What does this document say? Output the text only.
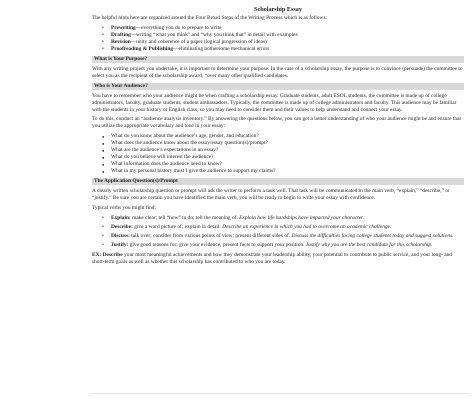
Scholarship Essay

The helpful hints here are organized around the Four Broad Steps of the Writing Process which is as follows:

• Prewriting—everything you do to prepare to write
• Drafting—writing “what you think” and “why you think that” in detail with examples
• Revision—unity and coherence of a paper (logical progression of ideas)
• Proofreading & Publishing—eliminating bothersome mechanical errors
What is Your Purpose?

With any writing project you undertake, it is important to determine your purpose. In the case of a scholarship essay, the purpose is to convince (persuade) the committee to select you as the recipient of the scholarship award, “over many other qualified candidates.

Who is Your Audience?

You have to remember who your audience might be when crafting a scholarship essay. Graduate students, adult ESOL students, the committee is made up of college administrators, faculty, graduate students, student ambassadors. Typically, the committee is made up of college administrators and faculty. This audience may be familiar with the students in your history or English class, so you may need to consider them and their values to help understand and connect your essay.

To do this, conduct an “audience analysis inventory.” By answering the questions below, you can get a better understanding of who your audience might be and ensure that you utilize the appropriate vocabulary and tone in your essay:

● What do you know about the audience’s age, gender, and education?
● What does the audience know about the essay/essay question(s)/prompt?
● What are the audience’s expectations in an essay?
● What do you believe will interest the audience?
● What information does the audience need to know?
● What in my personal history must I give the audience to support my claims?
The Application Question(s)/Prompt

A clearly written scholarship question or prompt will ask the writer to perform a task well. That task will be communicated in the main verb, “explain,” “describe,” or “justify.” Be sure you are certain you have identified the main verb, you will be ready to begin to write your essay with confidence.

Typical verbs you might find:

• Explain: make clear; tell “how” to do; tell the meaning of. Explain how life hardships have impacted your character.
• Describe: give a word picture of; explain in detail. Describe an experience in which you had to overcome an academic challenge.
• Discuss: talk over; consider from various points of view; present different sides of. Discuss the difficulties facing college students today and suggest solutions.
• Justify: give good reasons for; give your evidence; present facts to support your position. Justify why you are the best candidate for this scholarship.

EX: Describe your most meaningful achievements and how they demonstrate your leadership ability, your potential to contribute to public service, and your long- and short-term goals as well as whether this scholarship has contributed to who you are today.
